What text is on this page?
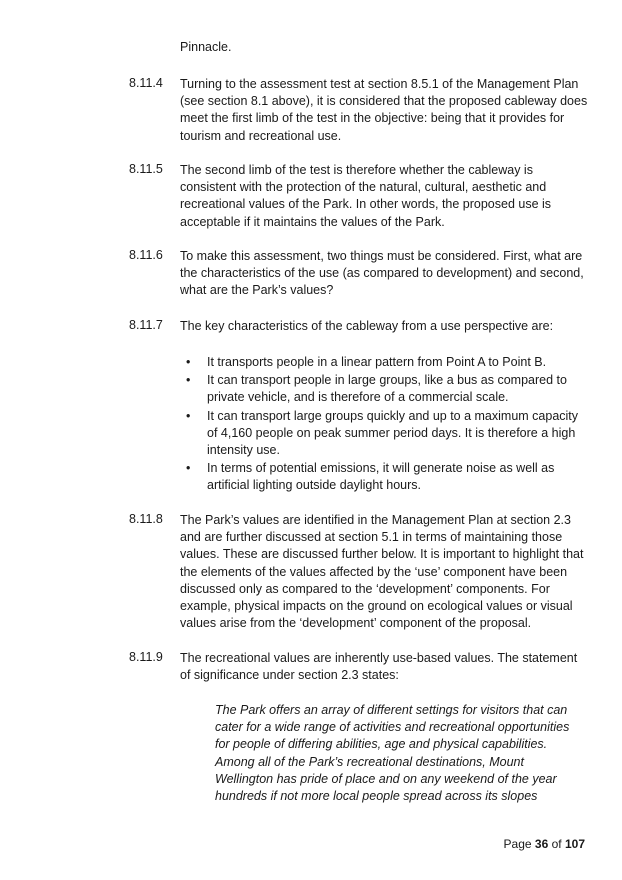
Pinnacle.

8.11.4 Turning to the assessment test at section 8.5.1 of the Management Plan (see section 8.1 above), it is considered that the proposed cableway does meet the first limb of the test in the objective: being that it provides for tourism and recreational use.

8.11.5 The second limb of the test is therefore whether the cableway is consistent with the protection of the natural, cultural, aesthetic and recreational values of the Park. In other words, the proposed use is acceptable if it maintains the values of the Park.

8.11.6 To make this assessment, two things must be considered. First, what are the characteristics of the use (as compared to development) and second, what are the Park’s values?

8.11.7 The key characteristics of the cableway from a use perspective are:

• It transports people in a linear pattern from Point A to Point B.
• It can transport people in large groups, like a bus as compared to private vehicle, and is therefore of a commercial scale.
• It can transport large groups quickly and up to a maximum capacity of 4,160 people on peak summer period days. It is therefore a high intensity use.
• In terms of potential emissions, it will generate noise as well as artificial lighting outside daylight hours.
8.11.8 The Park’s values are identified in the Management Plan at section 2.3 and are further discussed at section 5.1 in terms of maintaining those values. These are discussed further below. It is important to highlight that the elements of the values affected by the ‘use’ component have been discussed only as compared to the ‘development’ components. For example, physical impacts on the ground on ecological values or visual values arise from the ‘development’ component of the proposal.

8.11.9 The recreational values are inherently use-based values. The statement of significance under section 2.3 states:

The Park offers an array of different settings for visitors that can cater for a wide range of activities and recreational opportunities for people of differing abilities, age and physical capabilities. Among all of the Park’s recreational destinations, Mount Wellington has pride of place and on any weekend of the year hundreds if not more local people spread across its slopes

Page 36 of 107
